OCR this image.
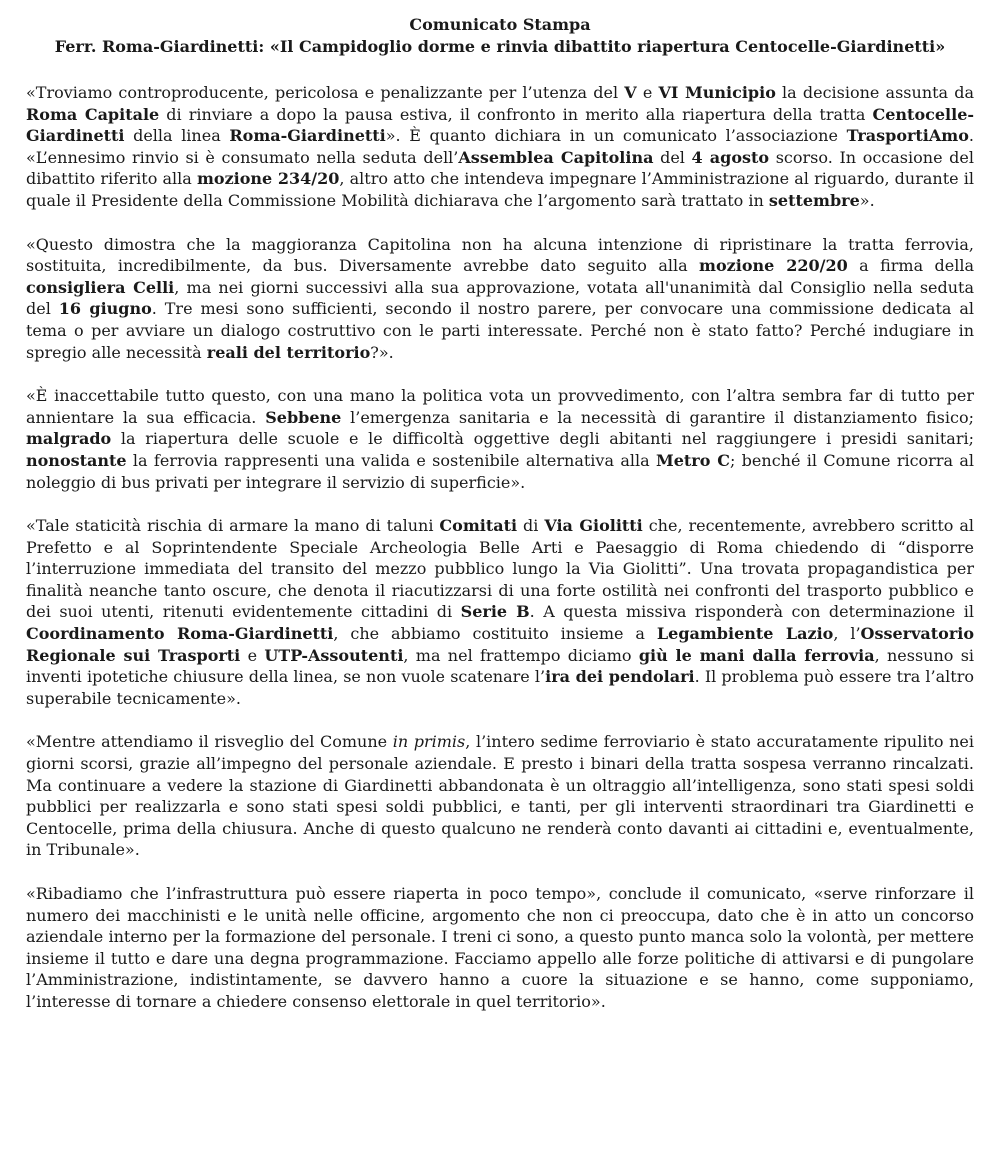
Comunicato Stampa
Ferr. Roma-Giardinetti: «Il Campidoglio dorme e rinvia dibattito riapertura Centocelle-Giardinetti»

«Troviamo controproducente, pericolosa e penalizzante per l’utenza del V e VI Municipio la decisione assunta da Roma Capitale di rinviare a dopo la pausa estiva, il confronto in merito alla riapertura della tratta Centocelle-Giardinetti della linea Roma-Giardinetti». È quanto dichiara in un comunicato l’associazione TrasportiAmo. «L’ennesimo rinvio si è consumato nella seduta dell’Assemblea Capitolina del 4 agosto scorso. In occasione del dibattito riferito alla mozione 234/20, altro atto che intendeva impegnare l’Amministrazione al riguardo, durante il quale il Presidente della Commissione Mobilità dichiarava che l’argomento sarà trattato in settembre».

«Questo dimostra che la maggioranza Capitolina non ha alcuna intenzione di ripristinare la tratta ferrovia, sostituita, incredibilmente, da bus. Diversamente avrebbe dato seguito alla mozione 220/20 a firma della consigliera Celli, ma nei giorni successivi alla sua approvazione, votata all'unanimità dal Consiglio nella seduta del 16 giugno. Tre mesi sono sufficienti, secondo il nostro parere, per convocare una commissione dedicata al tema o per avviare un dialogo costruttivo con le parti interessate. Perché non è stato fatto? Perché indugiare in spregio alle necessità reali del territorio?».

«È inaccettabile tutto questo, con una mano la politica vota un provvedimento, con l’altra sembra far di tutto per annientare la sua efficacia. Sebbene l’emergenza sanitaria e la necessità di garantire il distanziamento fisico; malgrado la riapertura delle scuole e le difficoltà oggettive degli abitanti nel raggiungere i presidi sanitari; nonostante la ferrovia rappresenti una valida e sostenibile alternativa alla Metro C; benché il Comune ricorra al noleggio di bus privati per integrare il servizio di superficie».

«Tale staticità rischia di armare la mano di taluni Comitati di Via Giolitti che, recentemente, avrebbero scritto al Prefetto e al Soprintendente Speciale Archeologia Belle Arti e Paesaggio di Roma chiedendo di “disporre l’interruzione immediata del transito del mezzo pubblico lungo la Via Giolitti”. Una trovata propagandistica per finalità neanche tanto oscure, che denota il riacutizzarsi di una forte ostilità nei confronti del trasporto pubblico e dei suoi utenti, ritenuti evidentemente cittadini di Serie B. A questa missiva risponderà con determinazione il Coordinamento Roma-Giardinetti, che abbiamo costituito insieme a Legambiente Lazio, l’Osservatorio Regionale sui Trasporti e UTP-Assoutenti, ma nel frattempo diciamo giù le mani dalla ferrovia, nessuno si inventi ipotetiche chiusure della linea, se non vuole scatenare l’ira dei pendolari. Il problema può essere tra l’altro superabile tecnicamente».

«Mentre attendiamo il risveglio del Comune in primis, l’intero sedime ferroviario è stato accuratamente ripulito nei giorni scorsi, grazie all’impegno del personale aziendale. E presto i binari della tratta sospesa verranno rincalzati. Ma continuare a vedere la stazione di Giardinetti abbandonata è un oltraggio all’intelligenza, sono stati spesi soldi pubblici per realizzarla e sono stati spesi soldi pubblici, e tanti, per gli interventi straordinari tra Giardinetti e Centocelle, prima della chiusura. Anche di questo qualcuno ne renderà conto davanti ai cittadini e, eventualmente, in Tribunale».

«Ribadiamo che l’infrastruttura può essere riaperta in poco tempo», conclude il comunicato, «serve rinforzare il numero dei macchinisti e le unità nelle officine, argomento che non ci preoccupa, dato che è in atto un concorso aziendale interno per la formazione del personale. I treni ci sono, a questo punto manca solo la volontà, per mettere insieme il tutto e dare una degna programmazione. Facciamo appello alle forze politiche di attivarsi e di pungolare l’Amministrazione, indistintamente, se davvero hanno a cuore la situazione e se hanno, come supponiamo, l’interesse di tornare a chiedere consenso elettorale in quel territorio».
